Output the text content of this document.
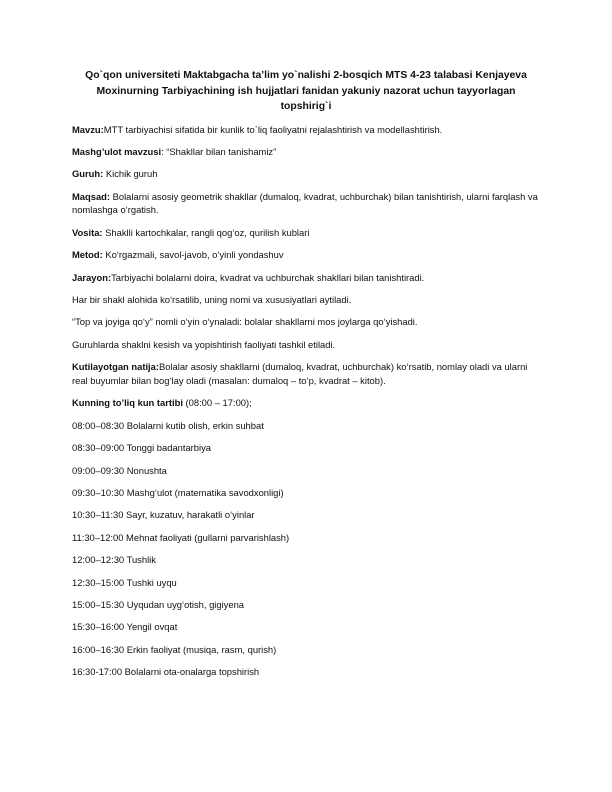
Qo`qon universiteti Maktabgacha ta’lim yo`nalishi 2-bosqich MTS 4-23 talabasi Kenjayeva
Moxinurning Tarbiyachining ish hujjatlari fanidan yakuniy nazorat uchun tayyorlagan
topshirig`i
Mavzu:MTT tarbiyachisi sifatida bir kunlik to`liq faoliyatni rejalashtirish va modellashtirish.
Mashg’ulot mavzusi: “Shakllar bilan tanishamiz”
Guruh: Kichik guruh
Maqsad: Bolalarni asosiy geometrik shakllar (dumaloq, kvadrat, uchburchak) bilan tanishtirish, ularni farqlash va nomlashga o‘rgatish.
Vosita: Shaklli kartochkalar, rangli qog‘oz, qurilish kublari
Metod: Ko‘rgazmali, savol-javob, o‘yinli yondashuv
Jarayon:Tarbiyachi bolalarni doira, kvadrat va uchburchak shakllari bilan tanishtiradi.
Har bir shakl alohida ko‘rsatilib, uning nomi va xususiyatlari aytiladi.
“Top va joyiga qo‘y” nomli o‘yin o‘ynaladi: bolalar shakllarni mos joylarga qo‘yishadi.
Guruhlarda shaklni kesish va yopishtirish faoliyati tashkil etiladi.
Kutilayotgan natija:Bolalar asosiy shakllarni (dumaloq, kvadrat, uchburchak) ko‘rsatib, nomlay oladi va ularni real buyumlar bilan bog‘lay oladi (masalan: dumaloq – to‘p, kvadrat – kitob).
Kunning to’liq kun tartibi (08:00 – 17:00);
08:00–08:30 Bolalarni kutib olish, erkin suhbat
08:30–09:00 Tonggi badantarbiya
09:00–09:30 Nonushta
09:30–10:30 Mashg‘ulot (matematika savodxonligi)
10:30–11:30 Sayr, kuzatuv, harakatli o‘yinlar
11:30–12:00 Mehnat faoliyati (gullarni parvarishlash)
12:00–12:30 Tushlik
12:30–15:00 Tushki uyqu
15:00–15:30 Uyqudan uyg‘otish, gigiyena
15:30–16:00 Yengil ovqat
16:00–16:30 Erkin faoliyat (musiqa, rasm, qurish)
16:30-17:00 Bolalarni ota-onalarga topshirish
